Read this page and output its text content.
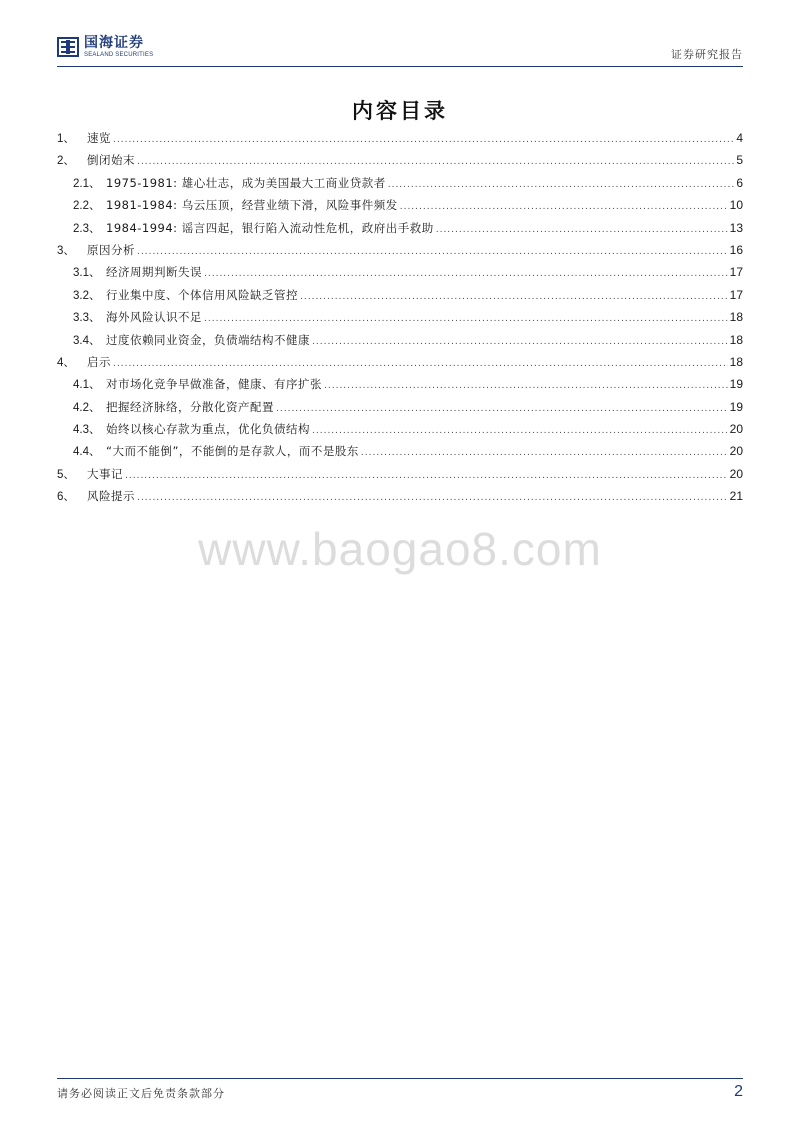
国海证券
SEALAND SECURITIES	证券研究报告
内容目录
1、	速览 .....	4
2、	倒闭始末 .....	5
2.1、 1975-1981: 雄心壮志，成为美国最大工商业贷款者 .....	6
2.2、 1981-1984: 乌云压顶，经营业绩下滑，风险事件频发 .....	10
2.3、 1984-1994: 谣言四起，银行陷入流动性危机，政府出手救助 .....	13
3、	原因分析 .....	16
3.1、 经济周期判断失误 .....	17
3.2、 行业集中度、个体信用风险缺乏管控 .....	17
3.3、 海外风险认识不足 .....	18
3.4、 过度依赖同业资金，负债端结构不健康 .....	18
4、	启示 .....	18
4.1、 对市场化竞争早做准备，健康、有序扩张 .....	19
4.2、 把握经济脉络，分散化资产配置 .....	19
4.3、 始终以核心存款为重点，优化负债结构 .....	20
4.4、 “大而不能倒”，不能倒的是存款人，而不是股东 .....	20
5、	大事记 .....	20
6、	风险提示 .....	21
www.baogao8.com
请务必阅读正文后免责条款部分	2
